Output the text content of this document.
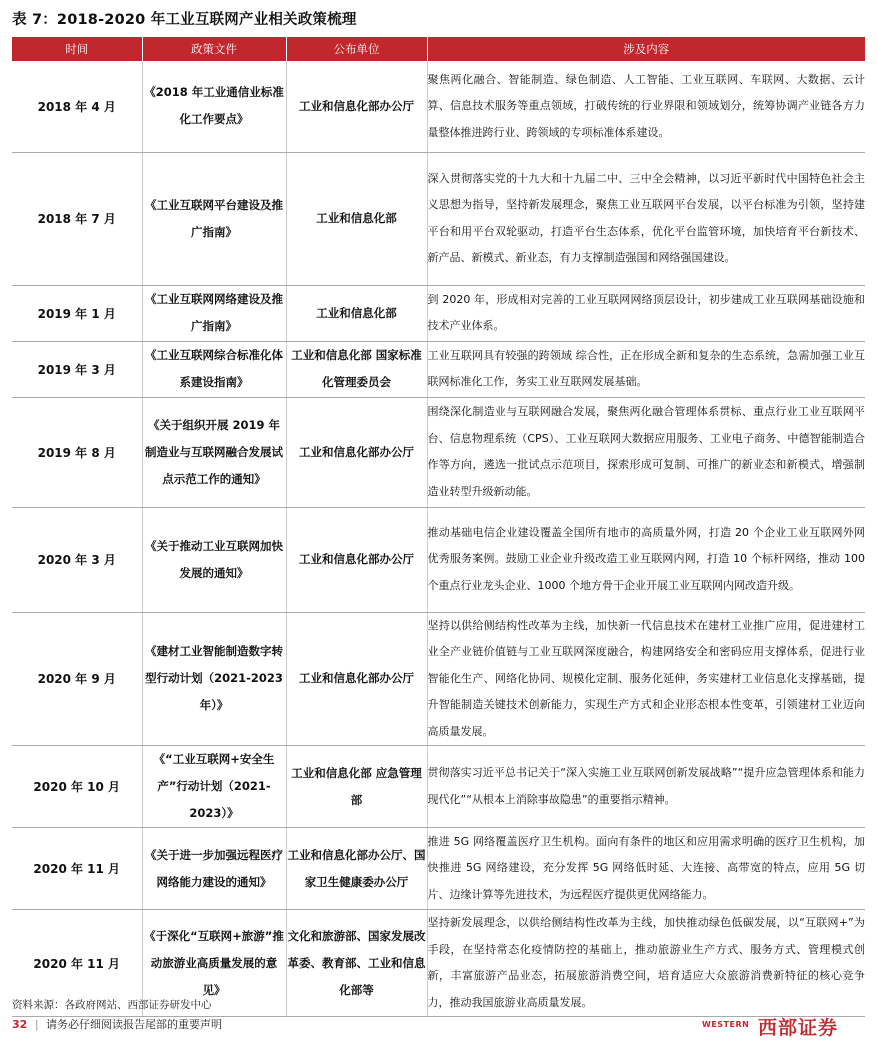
表 7：2018-2020 年工业互联网产业相关政策梳理
时间	政策文件	公布单位	涉及内容
2018 年 4 月	《2018 年工业通信业标准化工作要点》	工业和信息化部办公厅	聚焦两化融合、智能制造、绿色制造、人工智能、工业互联网、车联网、大数据、云计算、信息技术服务等重点领域，打破传统的行业界限和领域划分，统筹协调产业链各方力量整体推进跨行业、跨领域的专项标准体系建设。
2018 年 7 月	《工业互联网平台建设及推广指南》	工业和信息化部	深入贯彻落实党的十九大和十九届二中、三中全会精神，以习近平新时代中国特色社会主义思想为指导，坚持新发展理念，聚焦工业互联网平台发展，以平台标准为引领，坚持建平台和用平台双轮驱动，打造平台生态体系，优化平台监管环境，加快培育平台新技术、新产品、新模式、新业态，有力支撑制造强国和网络强国建设。
2019 年 1 月	《工业互联网网络建设及推广指南》	工业和信息化部	到 2020 年，形成相对完善的工业互联网网络顶层设计，初步建成工业互联网基础设施和技术产业体系。
2019 年 3 月	《工业互联网综合标准化体系建设指南》	工业和信息化部 国家标准化管理委员会	工业互联网具有较强的跨领域 综合性，正在形成全新和复杂的生态系统，急需加强工业互 联网标准化工作，务实工业互联网发展基础。
2019 年 8 月	《关于组织开展 2019 年制造业与互联网融合发展试点示范工作的通知》	工业和信息化部办公厅	围绕深化制造业与互联网融合发展，聚焦两化融合管理体系贯标、重点行业工业互联网平台、信息物理系统（CPS）、工业互联网大数据应用服务、工业电子商务、中德智能制造合作等方向，遴选一批试点示范项目，探索形成可复制、可推广的新业态和新模式，增强制造业转型升级新动能。
2020 年 3 月	《关于推动工业互联网加快发展的通知》	工业和信息化部办公厅	推动基础电信企业建设覆盖全国所有地市的高质量外网，打造 20 个企业工业互联网外网优秀服务案例。鼓励工业企业升级改造工业互联网内网，打造 10 个标杆网络，推动 100 个重点行业龙头企业、1000 个地方骨干企业开展工业互联网内网改造升级。
2020 年 9 月	《建材工业智能制造数字转型行动计划（2021-2023 年）》	工业和信息化部办公厅	坚持以供给侧结构性改革为主线，加快新一代信息技术在建材工业推广应用，促进建材工业全产业链价值链与工业互联网深度融合，构建网络安全和密码应用支撑体系，促进行业智能化生产、网络化协同、规模化定制、服务化延伸，务实建材工业信息化支撑基础，提升智能制造关键技术创新能力，实现生产方式和企业形态根本性变革，引领建材工业迈向高质量发展。
2020 年 10 月	《“工业互联网+安全生产”行动计划（2021-2023）》	工业和信息化部 应急管理部	贯彻落实习近平总书记关于“深入实施工业互联网创新发展战略”“提升应急管理体系和能力现代化”“从根本上消除事故隐患”的重要指示精神。
2020 年 11 月	《关于进一步加强远程医疗网络能力建设的通知》	工业和信息化部办公厅、国家卫生健康委办公厅	推进 5G 网络覆盖医疗卫生机构。面向有条件的地区和应用需求明确的医疗卫生机构，加快推进 5G 网络建设，充分发挥 5G 网络低时延、大连接、高带宽的特点，应用 5G 切片、边缘计算等先进技术，为远程医疗提供更优网络能力。
2020 年 11 月	《于深化“互联网+旅游”推动旅游业高质量发展的意见》	文化和旅游部、国家发展改革委、教育部、工业和信息化部等	坚持新发展理念，以供给侧结构性改革为主线，加快推动绿色低碳发展，以“互联网+”为手段，在坚持常态化疫情防控的基础上，推动旅游业生产方式、服务方式、管理模式创新，丰富旅游产品业态，拓展旅游消费空间，培育适应大众旅游消费新特征的核心竞争力，推动我国旅游业高质量发展。
资料来源：各政府网站、西部证券研发中心
32 | 请务必仔细阅读报告尾部的重要声明	WESTERN 西部证券
